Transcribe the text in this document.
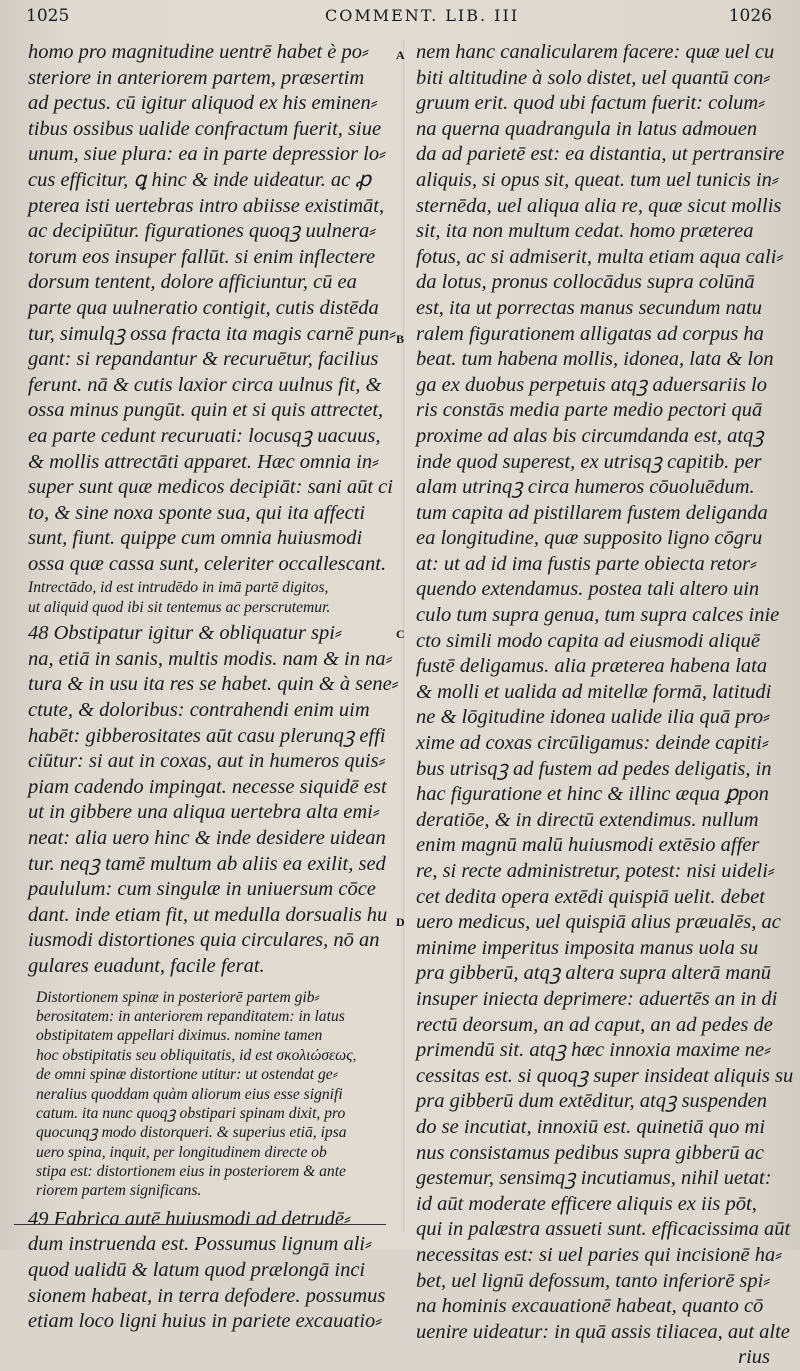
1025	COMMENT. LIB. III	1026
A
B
C
D
homo pro magnitudine uentrē habet è po⸗
steriore in anteriorem partem, præsertim
ad pectus. cū igitur aliquod ex his eminen⸗
tibus ossibus ualide confractum fuerit, siue
unum, siue plura: ea in parte depressior lo⸗
cus efficitur, ꝗ hinc & inde uideatur. ac ꝓ
pterea isti uertebras intro abiisse existimāt,
ac decipiūtur. figurationes quoqꝫ uulnera⸗
torum eos insuper fallūt. si enim inflectere
dorsum tentent, dolore afficiuntur, cū ea
parte qua uulneratio contigit, cutis distēda
tur, simulqꝫ ossa fracta ita magis carnē pun⸗
gant: si repandantur & recuruētur, facilius
ferunt. nā & cutis laxior circa uulnus fit, &
ossa minus pungūt. quin et si quis attrectet,
ea parte cedunt recuruati: locusqꝫ uacuus,
& mollis attrectāti apparet. Hæc omnia in⸗
super sunt quæ medicos decipiāt: sani aūt ci
to, & sine noxa sponte sua, qui ita affecti
sunt, fiunt. quippe cum omnia huiusmodi
ossa quæ cassa sunt, celeriter occallescant.
Intrectādo, id est intrudēdo in imā partē digitos,
ut aliquid quod ibi sit tentemus ac perscrutemur.
48 Obstipatur igitur & obliquatur spi⸗
na, etiā in sanis, multis modis. nam & in na⸗
tura & in usu ita res se habet. quin & à sene⸗
ctute, & doloribus: contrahendi enim uim
habēt: gibberositates aūt casu plerunqꝫ effi
ciūtur: si aut in coxas, aut in humeros quis⸗
piam cadendo impingat. necesse siquidē est
ut in gibbere una aliqua uertebra alta emi⸗
neat: alia uero hinc & inde desidere uidean
tur. neqꝫ tamē multum ab aliis ea exilit, sed
paululum: cum singulæ in uniuersum cōce
dant. inde etiam fit, ut medulla dorsualis hu
iusmodi distortiones quia circulares, nō an
gulares euadunt, facile ferat.
Distortionem spinæ in posteriorē partem gib⸗
berositatem: in anteriorem repanditatem: in latus
obstipitatem appellari diximus. nomine tamen
hoc obstipitatis seu obliquitatis, id est σκολιώσεως,
de omni spinæ distortione utitur: ut ostendat ge⸗
neralius quoddam quàm aliorum eius esse signifi
catum. ita nunc quoqꝫ obstipari spinam dixit, pro
quocunqꝫ modo distorqueri. & superius etiā, ipsa
uero spina, inquit, per longitudinem directe ob
stipa est: distortionem eius in posteriorem & ante
riorem partem significans.
49 Fabrica autē huiusmodi ad detrudē⸗
dum instruenda est. Possumus lignum ali⸗
quod ualidū & latum quod prælongā inci
sionem habeat, in terra defodere. possumus
etiam loco ligni huius in pariete excauatio⸗
nem hanc canalicularem facere: quæ uel cu
biti altitudine à solo distet, uel quantū con⸗
gruum erit. quod ubi factum fuerit: colum⸗
na querna quadrangula in latus admouen
da ad parietē est: ea distantia, ut pertransire
aliquis, si opus sit, queat. tum uel tunicis in⸗
sternēda, uel aliqua alia re, quæ sicut mollis
sit, ita non multum cedat. homo præterea
fotus, ac si admiserit, multa etiam aqua cali⸗
da lotus, pronus collocādus supra colūnā
est, ita ut porrectas manus secundum natu
ralem figurationem alligatas ad corpus ha
beat. tum habena mollis, idonea, lata & lon
ga ex duobus perpetuis atqꝫ aduersariis lo
ris constās media parte medio pectori quā
proxime ad alas bis circumdanda est, atqꝫ
inde quod superest, ex utrisqꝫ capitib. per
alam utrinqꝫ circa humeros cōuoluēdum.
tum capita ad pistillarem fustem deliganda
ea longitudine, quæ supposito ligno cōgru
at: ut ad id ima fustis parte obiecta retor⸗
quendo extendamus. postea tali altero uin
culo tum supra genua, tum supra calces inie
cto simili modo capita ad eiusmodi aliquē
fustē deligamus. alia præterea habena lata
& molli et ualida ad mitellæ formā, latitudi
ne & lōgitudine idonea ualide ilia quā pro⸗
xime ad coxas circūligamus: deinde capiti⸗
bus utrisqꝫ ad fustem ad pedes deligatis, in
hac figuratione et hinc & illinc æqua ꝑpon
deratiōe, & in directū extendimus. nullum
enim magnū malū huiusmodi extēsio affer
re, si recte administretur, potest: nisi uideli⸗
cet dedita opera extēdi quispiā uelit. debet
uero medicus, uel quispiā alius præualēs, ac
minime imperitus imposita manus uola su
pra gibberū, atqꝫ altera supra alterā manū
insuper iniecta deprimere: aduertēs an in di
rectū deorsum, an ad caput, an ad pedes de
primendū sit. atqꝫ hæc innoxia maxime ne⸗
cessitas est. si quoqꝫ super insideat aliquis su
pra gibberū dum extēditur, atqꝫ suspenden
do se incutiat, innoxiū est. quinetiā quo mi
nus consistamus pedibus supra gibberū ac
gestemur, sensimqꝫ incutiamus, nihil uetat:
id aūt moderate efficere aliquis ex iis pōt,
qui in palæstra assueti sunt. efficacissima aūt
necessitas est: si uel paries qui incisionē ha⸗
bet, uel lignū defossum, tanto inferiorē spi⸗
na hominis excauationē habeat, quanto cō
uenire uideatur: in quā assis tiliacea, aut alte
rius
